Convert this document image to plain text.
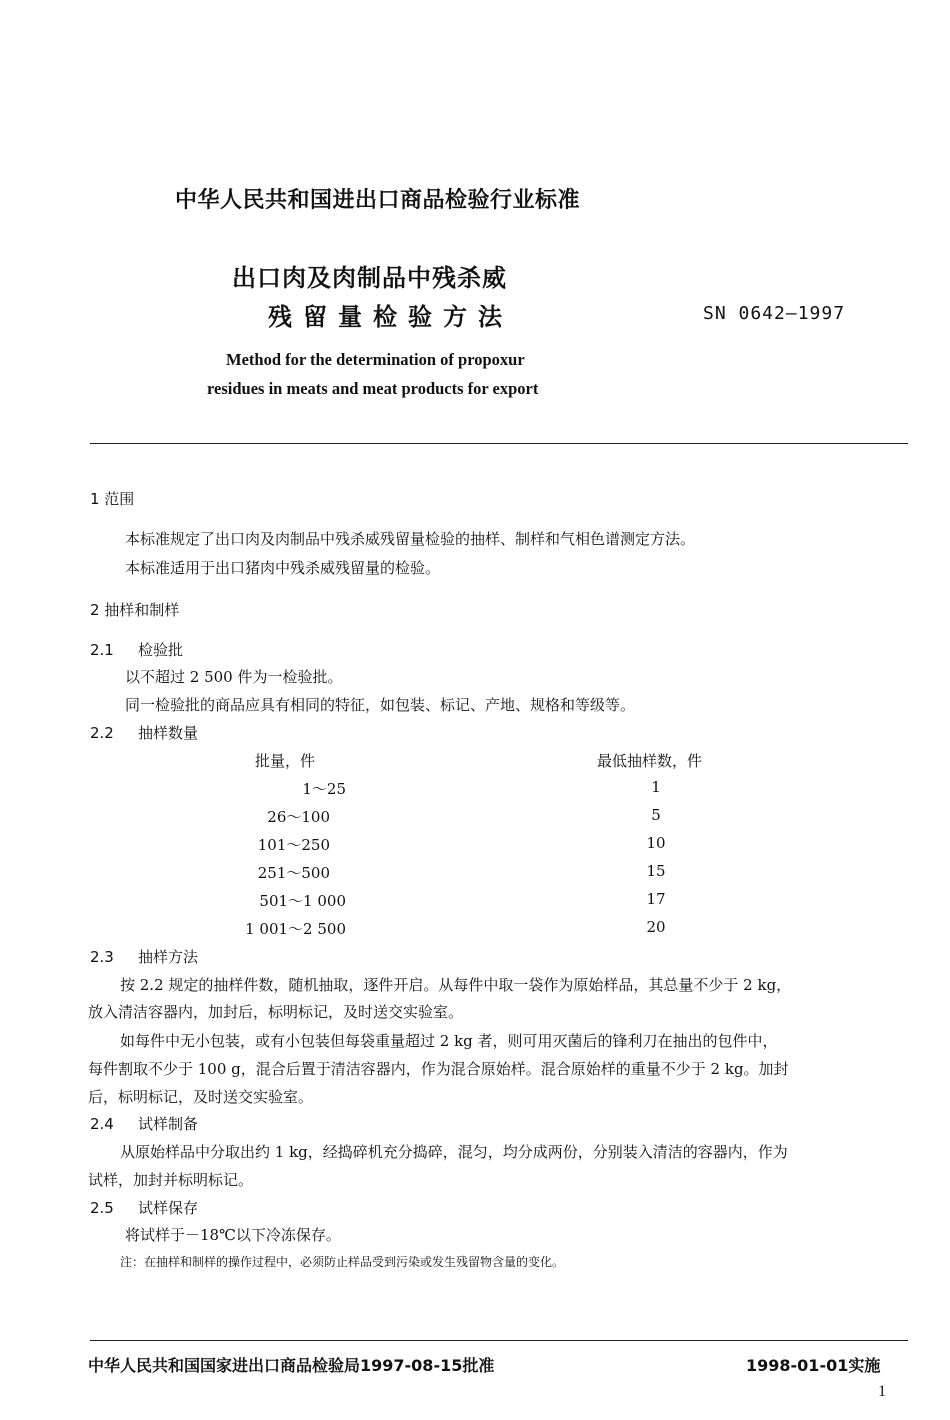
中华人民共和国进出口商品检验行业标准
出口肉及肉制品中残杀威
残留量检验方法	SN 0642—1997
Method for the determination of propoxur
residues in meats and meat products for export
1 范围
本标准规定了出口肉及肉制品中残杀威残留量检验的抽样、制样和气相色谱测定方法。
本标准适用于出口猪肉中残杀威残留量的检验。
2 抽样和制样
2.1 检验批
以不超过 2 500 件为一检验批。
同一检验批的商品应具有相同的特征，如包装、标记、产地、规格和等级等。
2.2 抽样数量
批量，件	最低抽样数，件
1～25	1
26～100	5
101～250	10
251～500	15
501～1 000	17
1 001～2 500	20
2.3 抽样方法
按 2.2 规定的抽样件数，随机抽取，逐件开启。从每件中取一袋作为原始样品，其总量不少于 2 kg，
放入清洁容器内，加封后，标明标记，及时送交实验室。
如每件中无小包装，或有小包装但每袋重量超过 2 kg 者，则可用灭菌后的锋利刀在抽出的包件中，
每件割取不少于 100 g，混合后置于清洁容器内，作为混合原始样。混合原始样的重量不少于 2 kg。加封
后，标明标记，及时送交实验室。
2.4 试样制备
从原始样品中分取出约 1 kg，经捣碎机充分捣碎，混匀，均分成两份，分别装入清洁的容器内，作为
试样，加封并标明标记。
2.5 试样保存
将试样于－18℃以下冷冻保存。
注：在抽样和制样的操作过程中，必须防止样品受到污染或发生残留物含量的变化。
中华人民共和国国家进出口商品检验局1997-08-15批准	1998-01-01实施
1
